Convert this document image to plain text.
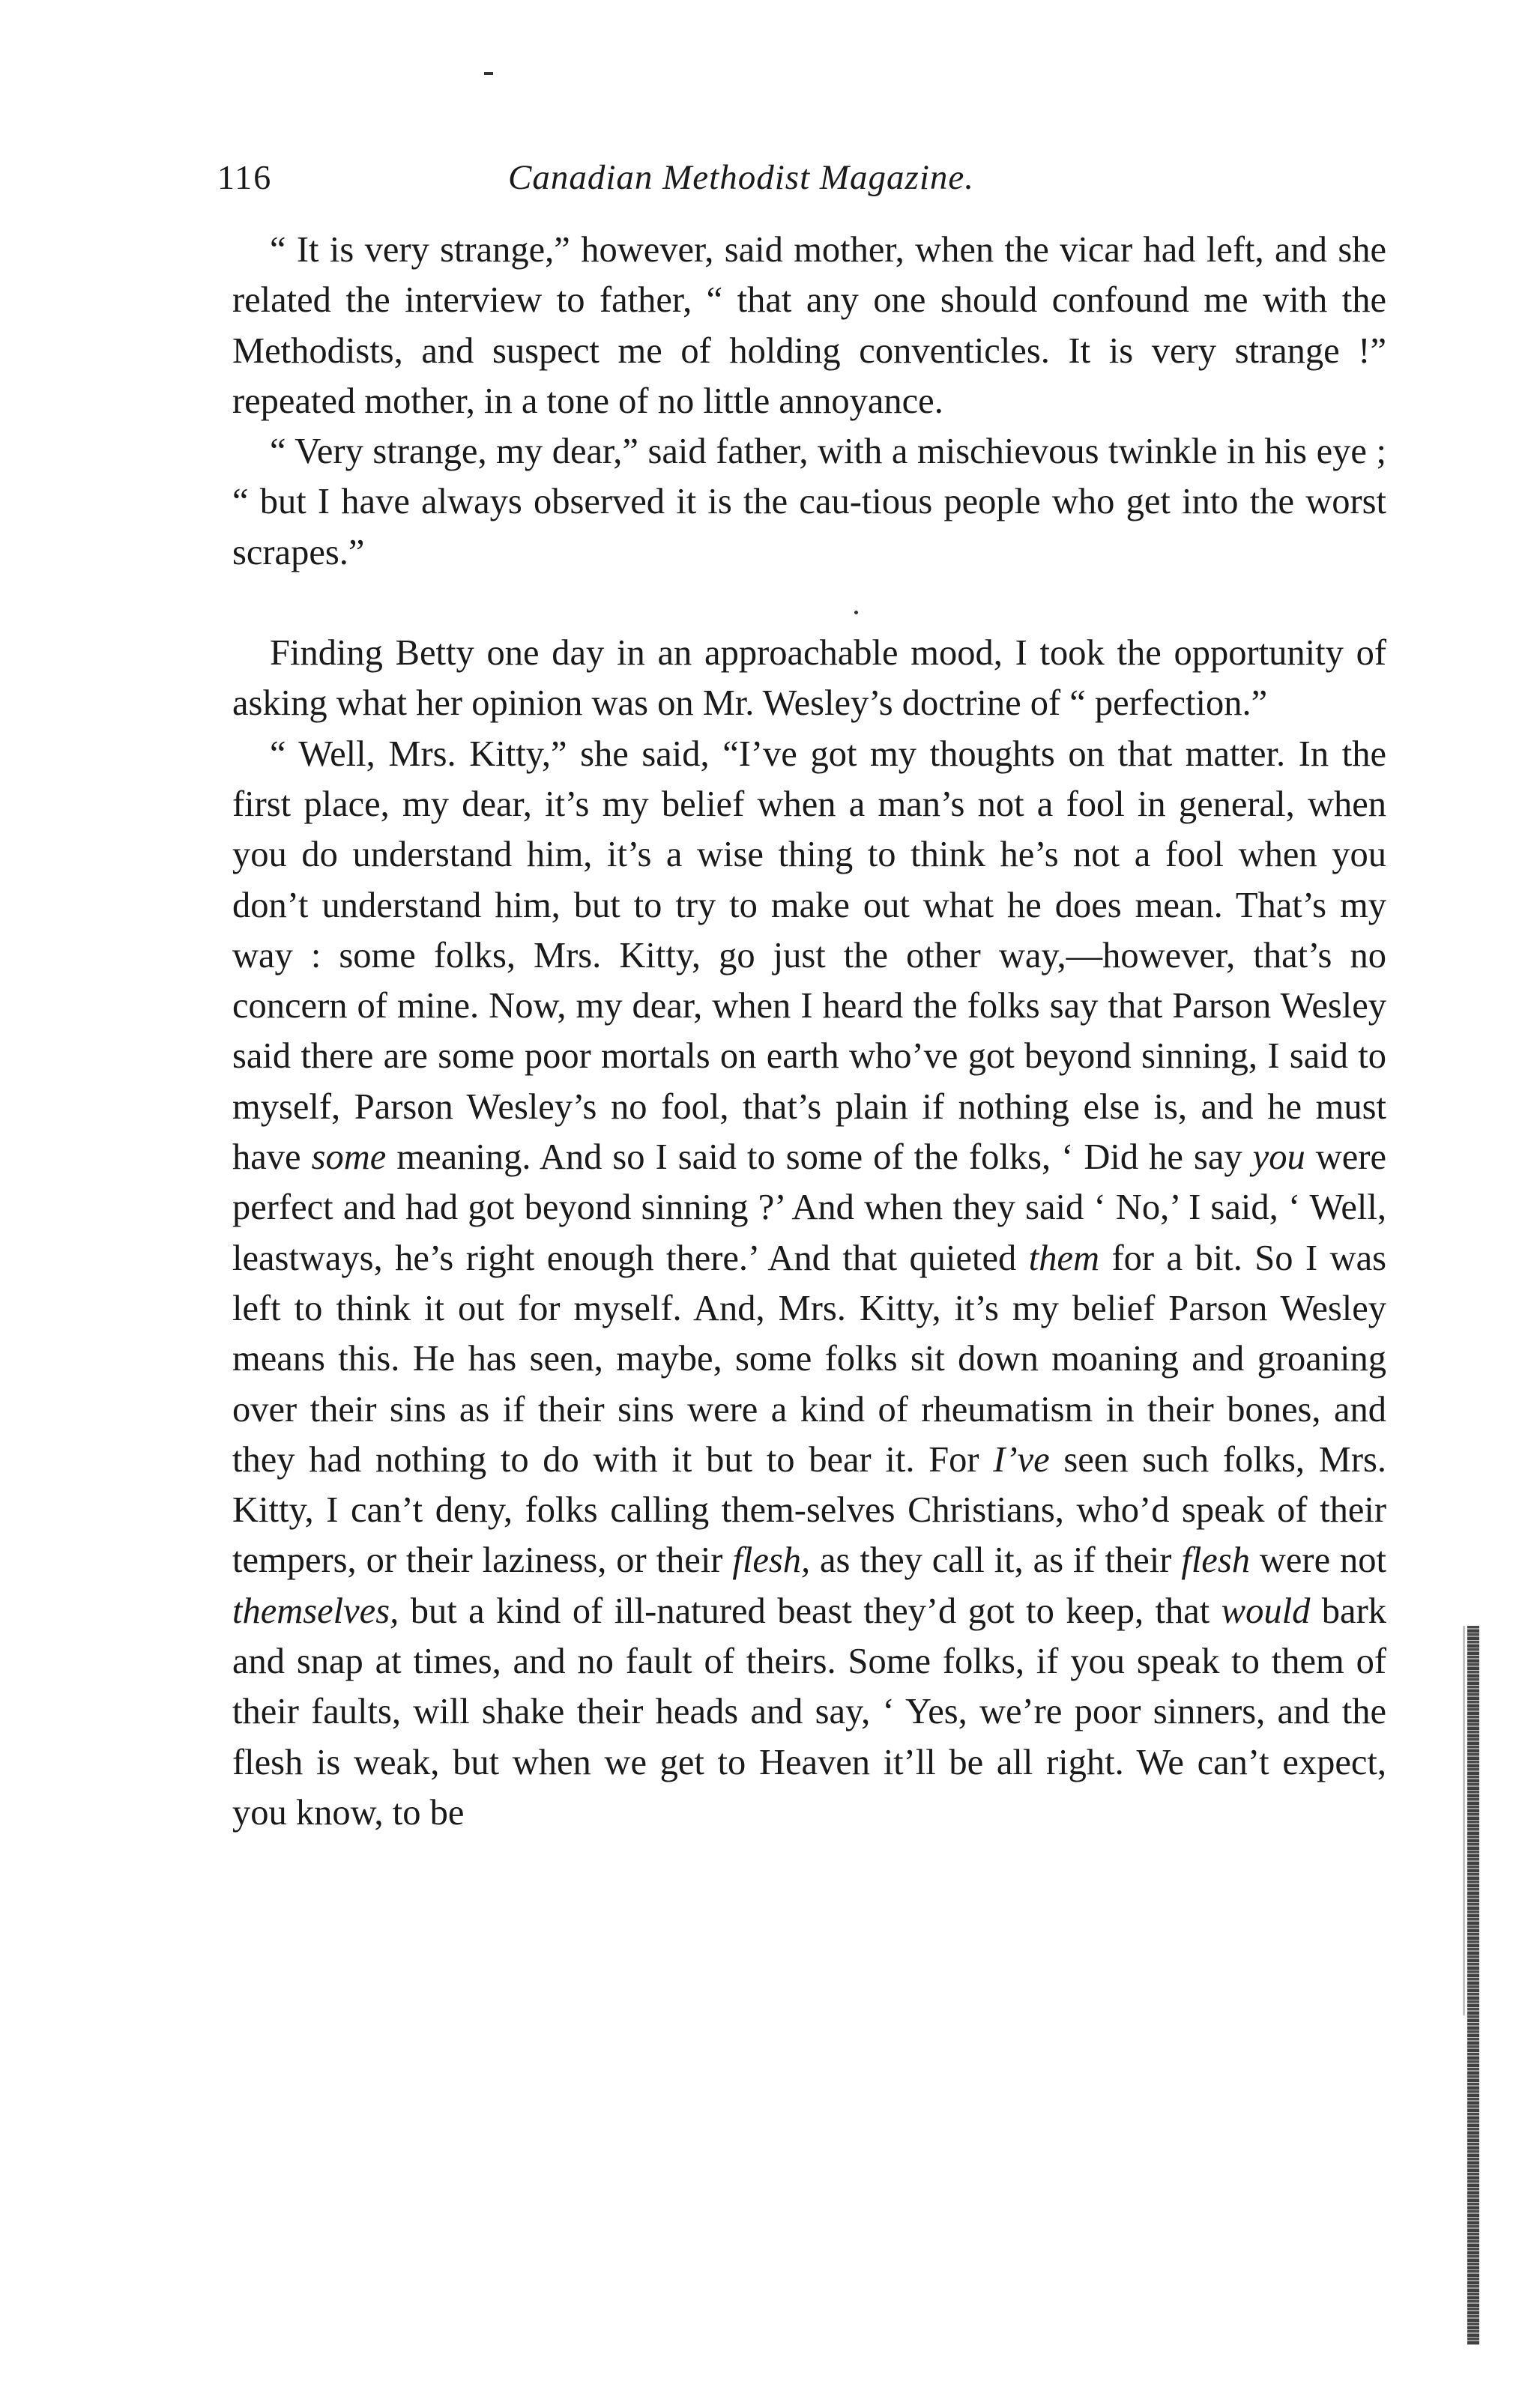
116	Canadian Methodist Magazine.

“ It is very strange,” however, said mother, when the vicar had left, and she related the interview to father, “ that any one should confound me with the Methodists, and suspect me of holding conventicles. It is very strange !” repeated mother, in a tone of no little annoyance.

“ Very strange, my dear,” said father, with a mischievous twinkle in his eye ; “ but I have always observed it is the cau-tious people who get into the worst scrapes.”

Finding Betty one day in an approachable mood, I took the opportunity of asking what her opinion was on Mr. Wesley’s doctrine of “ perfection.”

“ Well, Mrs. Kitty,” she said, “I’ve got my thoughts on that matter. In the first place, my dear, it’s my belief when a man’s not a fool in general, when you do understand him, it’s a wise thing to think he’s not a fool when you don’t understand him, but to try to make out what he does mean. That’s my way : some folks, Mrs. Kitty, go just the other way,—however, that’s no concern of mine. Now, my dear, when I heard the folks say that Parson Wesley said there are some poor mortals on earth who’ve got beyond sinning, I said to myself, Parson Wesley’s no fool, that’s plain if nothing else is, and he must have some meaning. And so I said to some of the folks, ‘ Did he say you were perfect and had got beyond sinning ?’ And when they said ‘ No,’ I said, ‘ Well, leastways, he’s right enough there.’ And that quieted them for a bit. So I was left to think it out for myself. And, Mrs. Kitty, it’s my belief Parson Wesley means this. He has seen, maybe, some folks sit down moaning and groaning over their sins as if their sins were a kind of rheumatism in their bones, and they had nothing to do with it but to bear it. For I’ve seen such folks, Mrs. Kitty, I can’t deny, folks calling them-selves Christians, who’d speak of their tempers, or their laziness, or their flesh, as they call it, as if their flesh were not themselves, but a kind of ill-natured beast they’d got to keep, that would bark and snap at times, and no fault of theirs. Some folks, if you speak to them of their faults, will shake their heads and say, ‘ Yes, we’re poor sinners, and the flesh is weak, but when we get to Heaven it’ll be all right. We can’t expect, you know, to be
